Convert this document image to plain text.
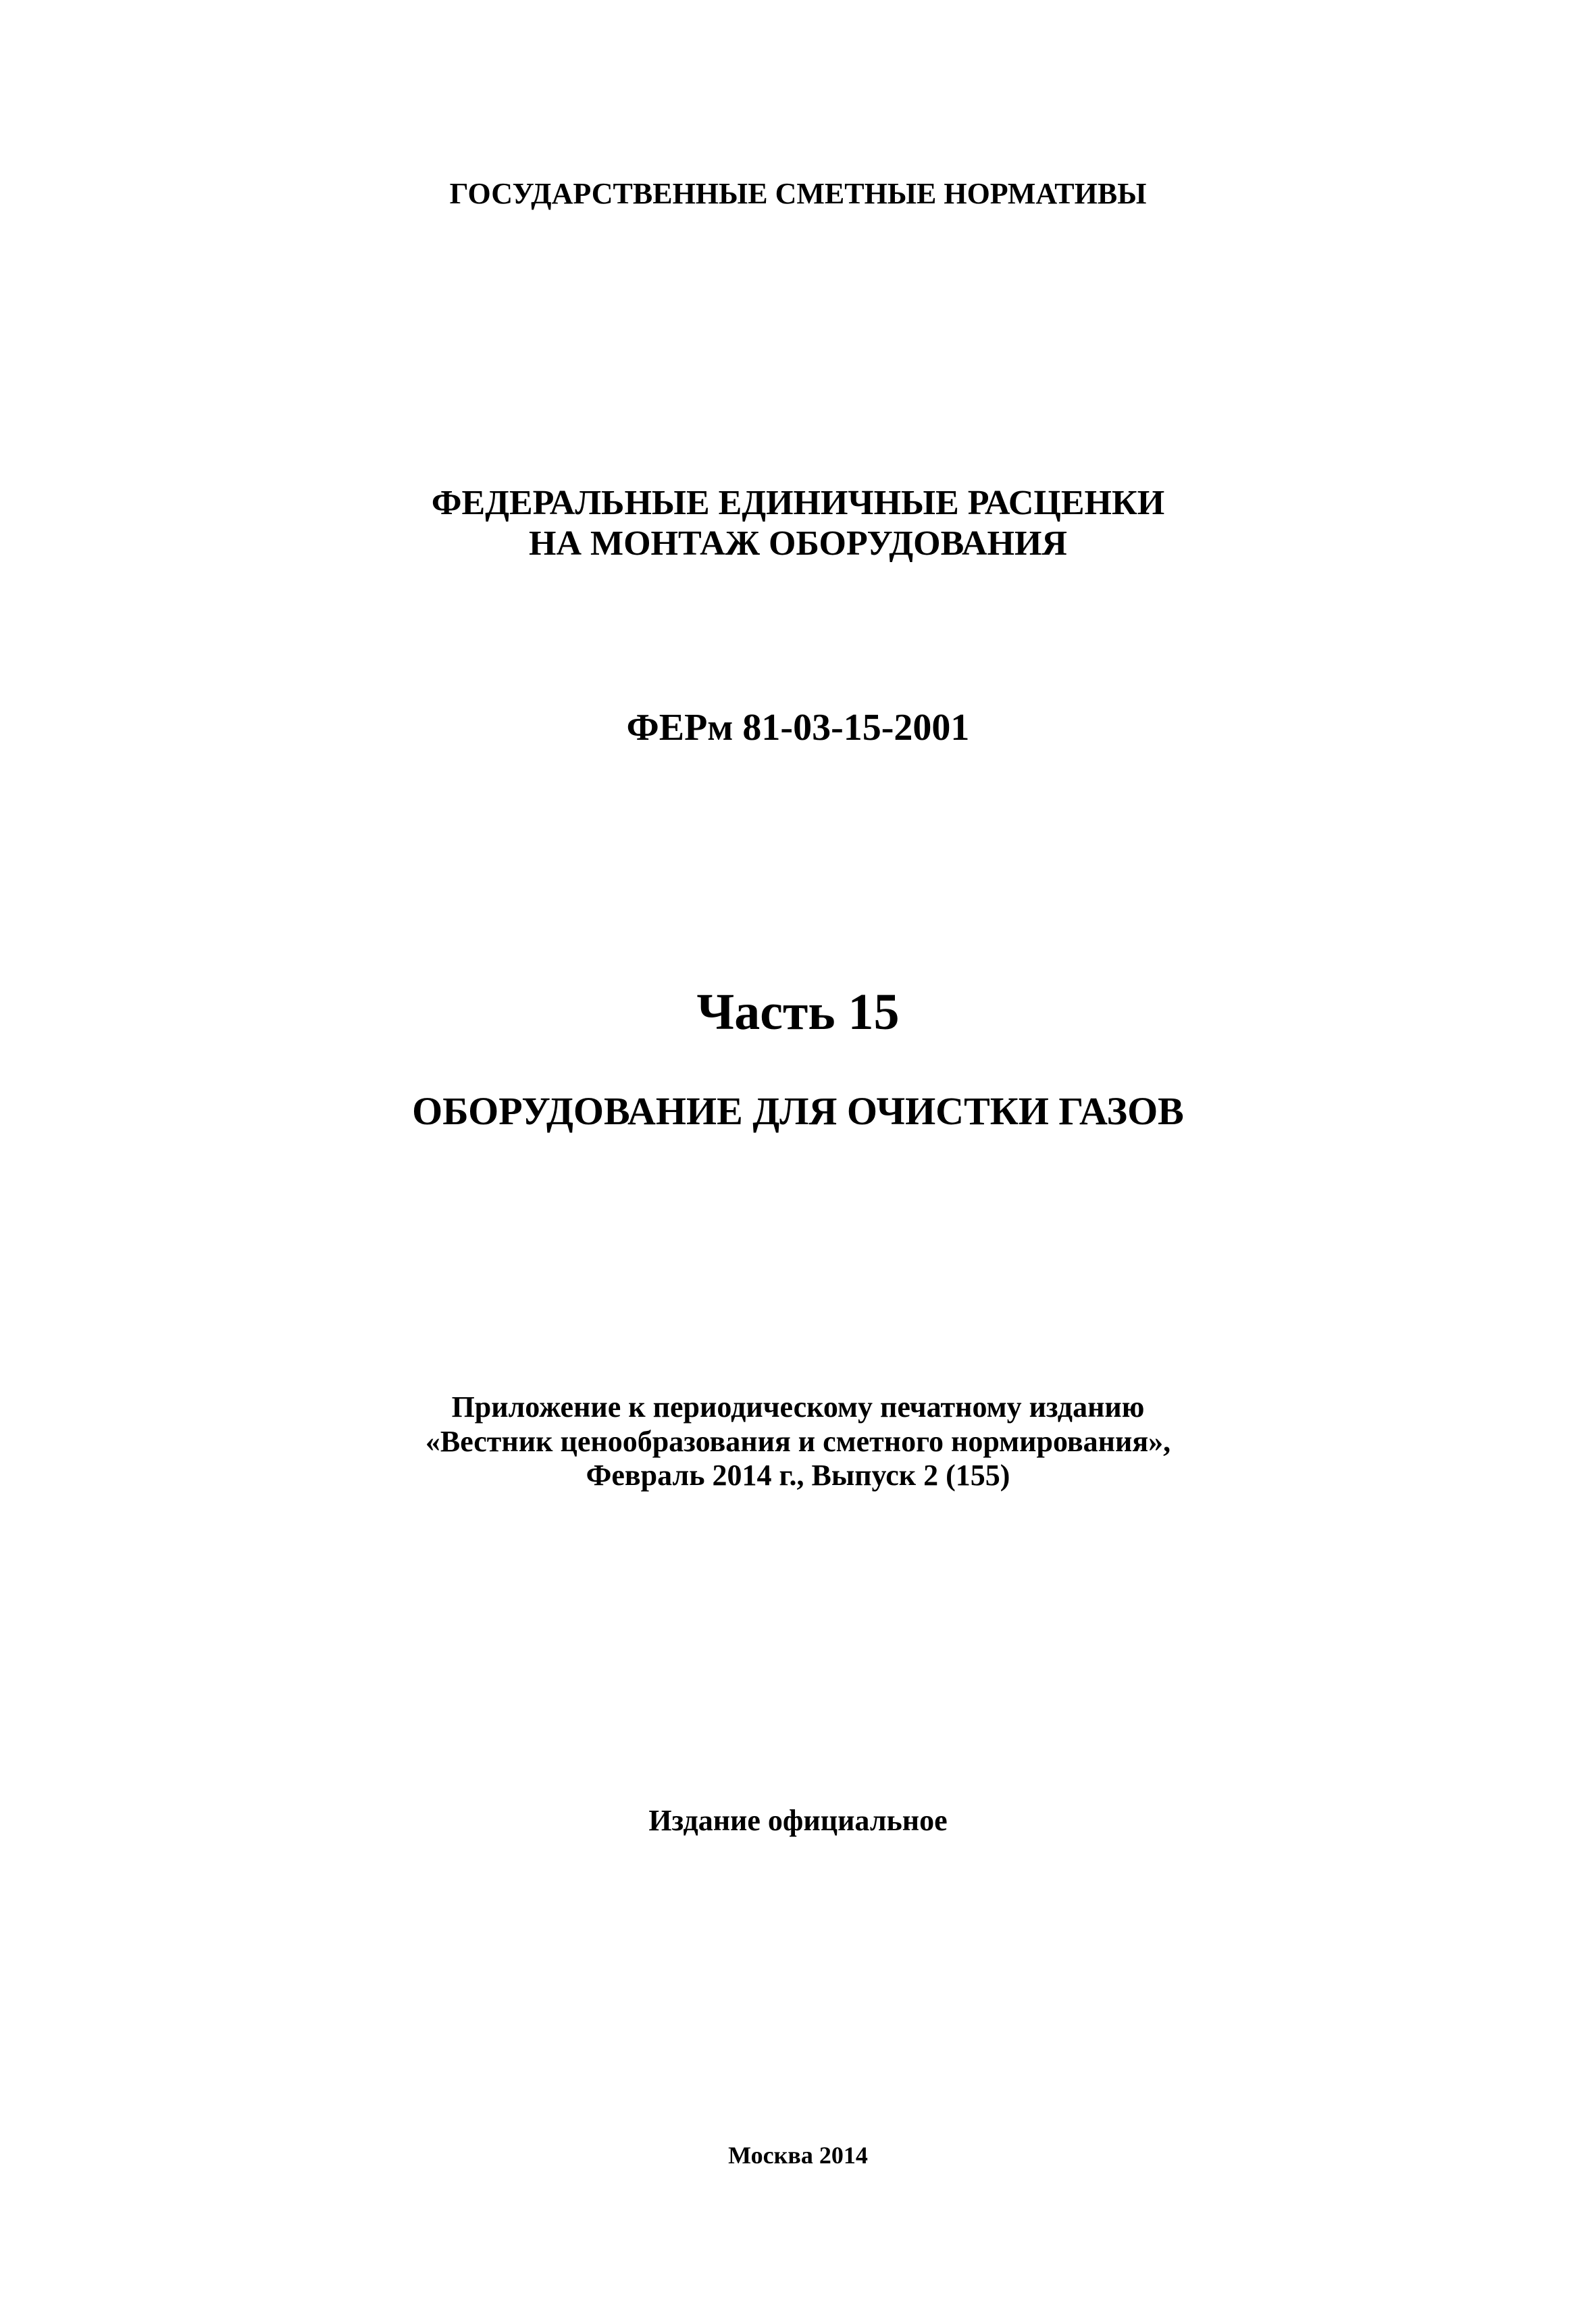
ГОСУДАРСТВЕННЫЕ СМЕТНЫЕ НОРМАТИВЫ
ФЕДЕРАЛЬНЫЕ ЕДИНИЧНЫЕ РАСЦЕНКИ
НА МОНТАЖ ОБОРУДОВАНИЯ
ФЕРм 81-03-15-2001
Часть 15
ОБОРУДОВАНИЕ ДЛЯ ОЧИСТКИ ГАЗОВ
Приложение к периодическому печатному изданию
«Вестник ценообразования и сметного нормирования»,
Февраль 2014 г., Выпуск 2 (155)
Издание официальное
Москва 2014
